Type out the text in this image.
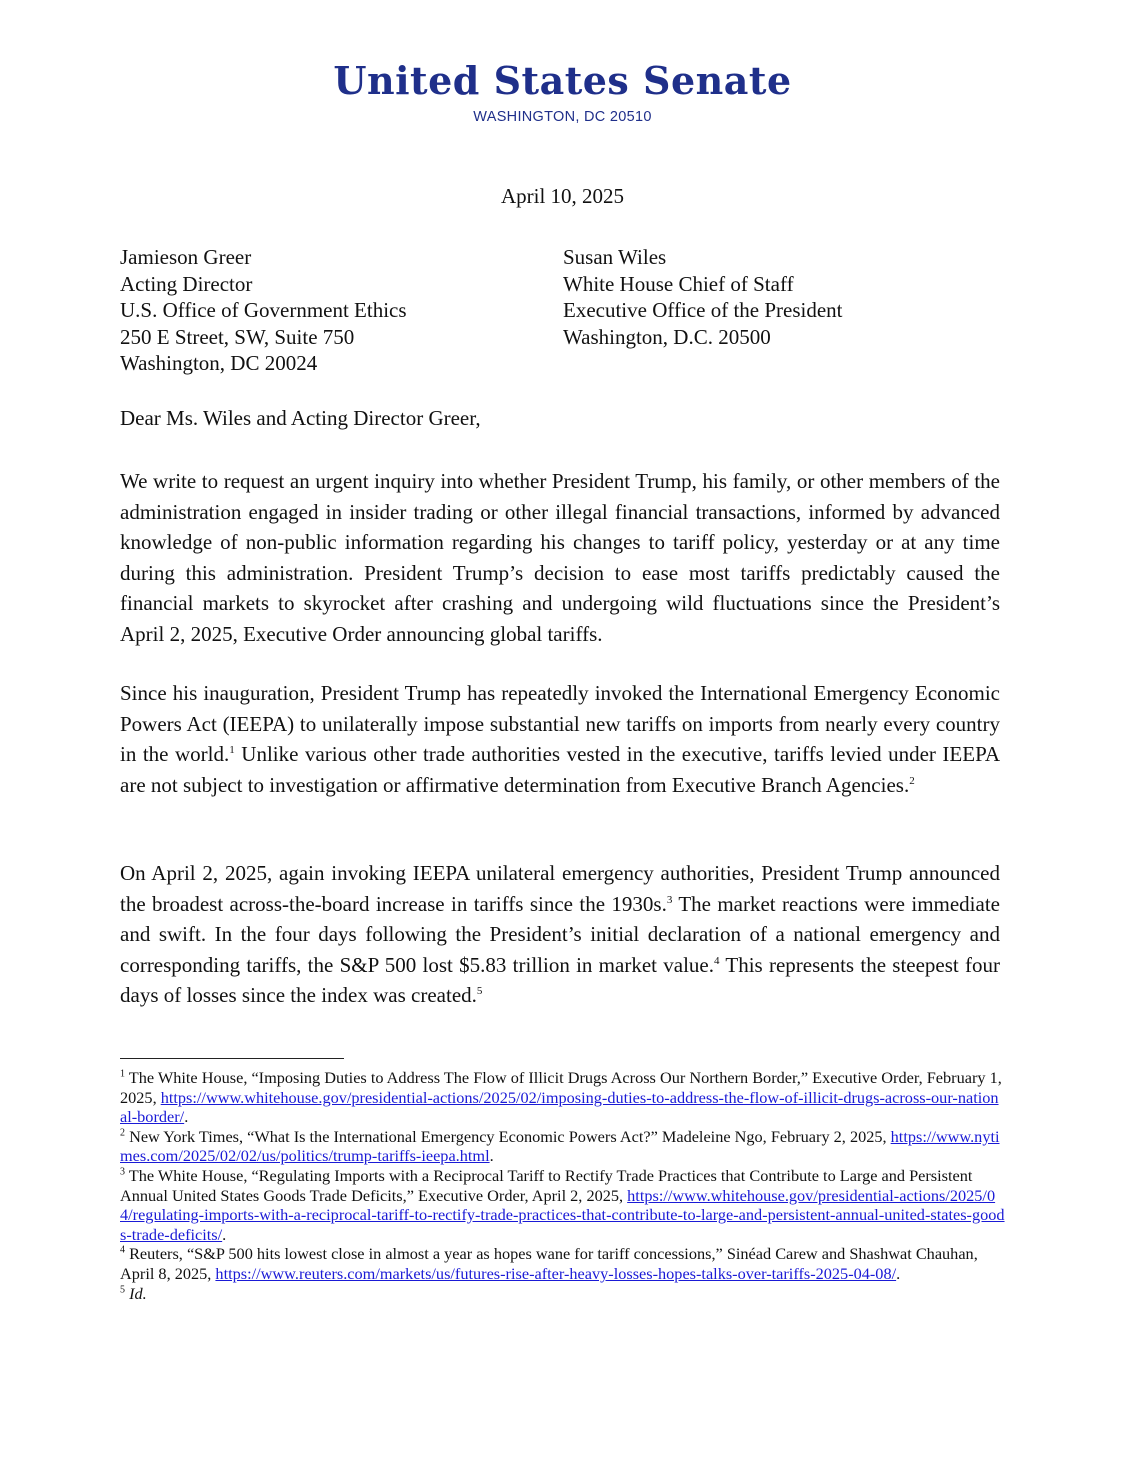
United States Senate
WASHINGTON, DC 20510
April 10, 2025
Jamieson Greer
Acting Director
U.S. Office of Government Ethics
250 E Street, SW, Suite 750
Washington, DC 20024
Susan Wiles
White House Chief of Staff
Executive Office of the President
Washington, D.C. 20500
Dear Ms. Wiles and Acting Director Greer,
We write to request an urgent inquiry into whether President Trump, his family, or other members of the administration engaged in insider trading or other illegal financial transactions, informed by advanced knowledge of non-public information regarding his changes to tariff policy, yesterday or at any time during this administration. President Trump’s decision to ease most tariffs predictably caused the financial markets to skyrocket after crashing and undergoing wild fluctuations since the President’s April 2, 2025, Executive Order announcing global tariffs.
Since his inauguration, President Trump has repeatedly invoked the International Emergency Economic Powers Act (IEEPA) to unilaterally impose substantial new tariffs on imports from nearly every country in the world.$^1$ Unlike various other trade authorities vested in the executive, tariffs levied under IEEPA are not subject to investigation or affirmative determination from Executive Branch Agencies.$^2$
On April 2, 2025, again invoking IEEPA unilateral emergency authorities, President Trump announced the broadest across-the-board increase in tariffs since the 1930s.$^3$ The market reactions were immediate and swift. In the four days following the President’s initial declaration of a national emergency and corresponding tariffs, the S&P 500 lost $5.83 trillion in market value.$^4$ This represents the steepest four days of losses since the index was created.$^5$

$^1$ The White House, “Imposing Duties to Address The Flow of Illicit Drugs Across Our Northern Border,” Executive Order, February 1, 2025, https://www.whitehouse.gov/presidential-actions/2025/02/imposing-duties-to-address-the-flow-of-illicit-drugs-across-our-national-border/.

$^2$ New York Times, “What Is the International Emergency Economic Powers Act?” Madeleine Ngo, February 2, 2025, https://www.nytimes.com/2025/02/02/us/politics/trump-tariffs-ieepa.html.

$^3$ The White House, “Regulating Imports with a Reciprocal Tariff to Rectify Trade Practices that Contribute to Large and Persistent Annual United States Goods Trade Deficits,” Executive Order, April 2, 2025, https://www.whitehouse.gov/presidential-actions/2025/04/regulating-imports-with-a-reciprocal-tariff-to-rectify-trade-practices-that-contribute-to-large-and-persistent-annual-united-states-goods-trade-deficits/.

$^4$ Reuters, “S&P 500 hits lowest close in almost a year as hopes wane for tariff concessions,” Sinéad Carew and Shashwat Chauhan, April 8, 2025, https://www.reuters.com/markets/us/futures-rise-after-heavy-losses-hopes-talks-over-tariffs-2025-04-08/.

$^5$ Id.
